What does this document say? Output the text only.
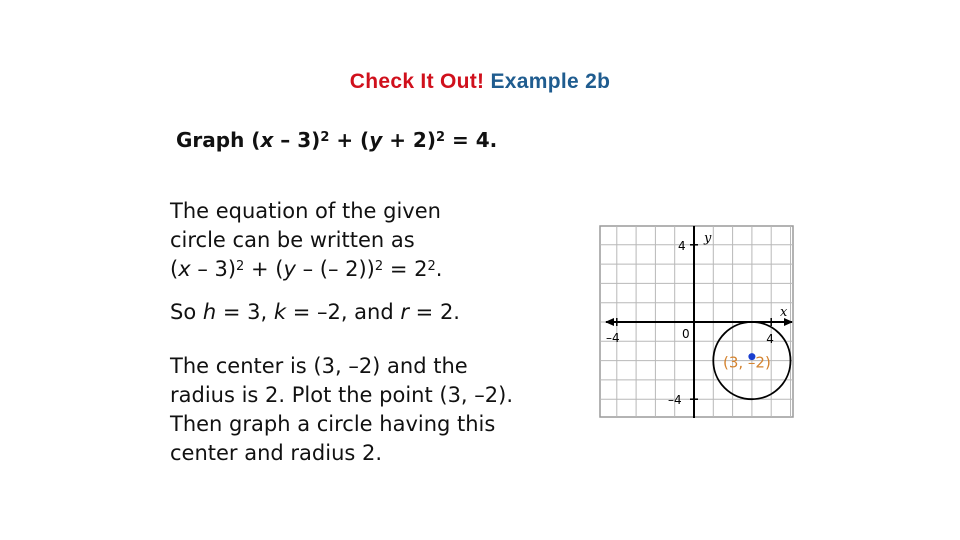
Check It Out! Example 2b
Graph $(x - 3)^2 + (y + 2)^2 = 4$.
The equation of the given
circle can be written as
(x – 3)$^2$ + (y – (– $2))^2 = 2^2$.
So h = 3, k = –2, and r = 2.
The center is (3, –2) and the
radius is 2. Plot the point (3, –2).
Then graph a circle having this
center and radius 2.
x
y
0
–4	4
4
–4
(3, –2)
